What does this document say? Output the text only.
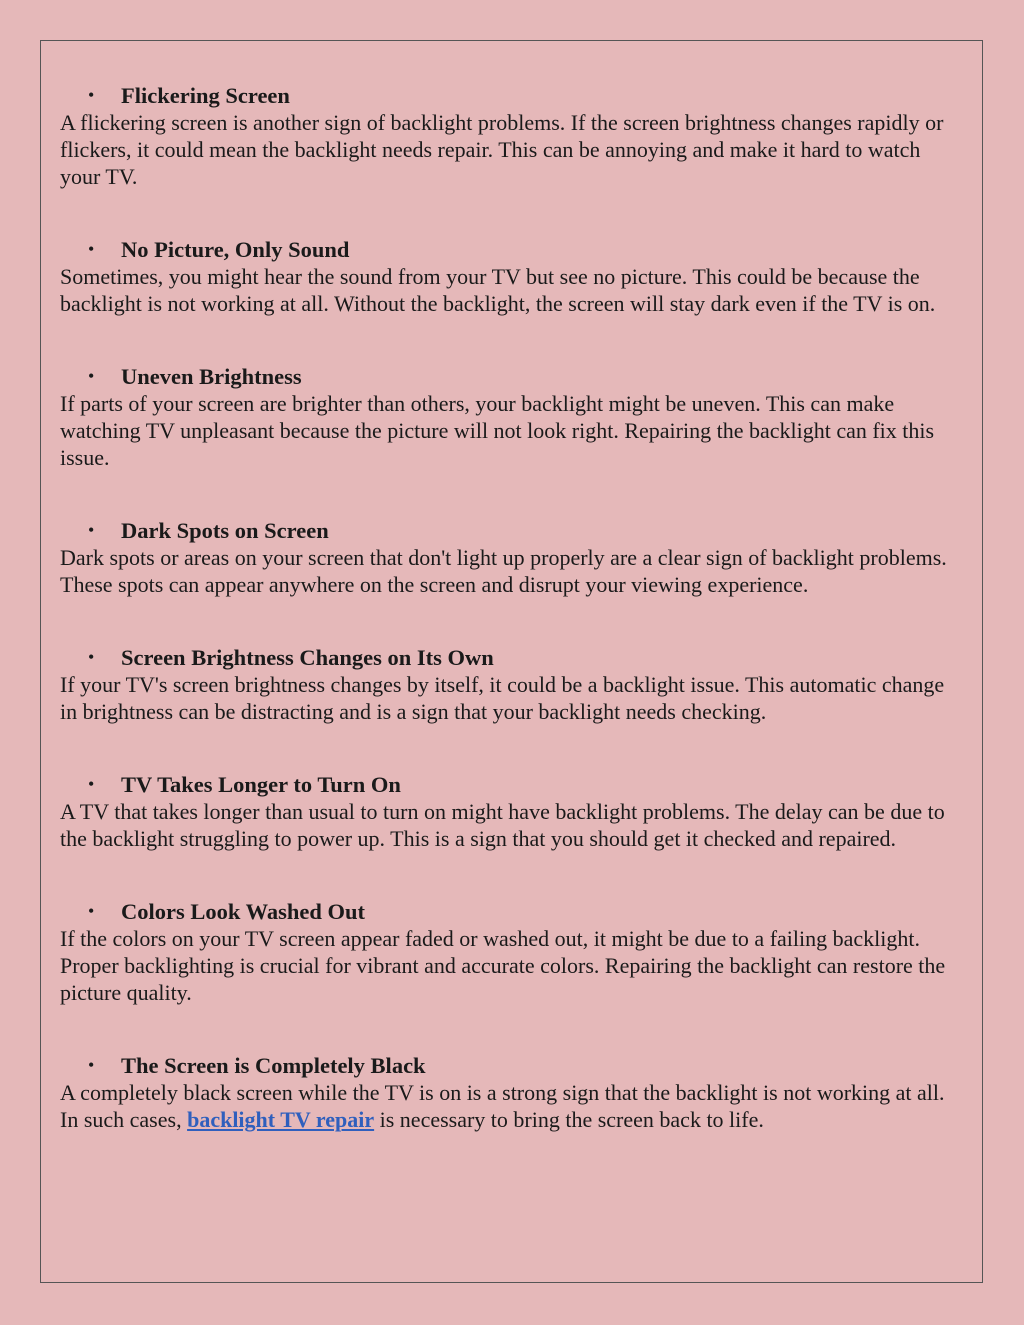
• Flickering Screen

A flickering screen is another sign of backlight problems. If the screen brightness changes rapidly or flickers, it could mean the backlight needs repair. This can be annoying and make it hard to watch your TV.

• No Picture, Only Sound

Sometimes, you might hear the sound from your TV but see no picture. This could be because the backlight is not working at all. Without the backlight, the screen will stay dark even if the TV is on.

• Uneven Brightness

If parts of your screen are brighter than others, your backlight might be uneven. This can make watching TV unpleasant because the picture will not look right. Repairing the backlight can fix this issue.

• Dark Spots on Screen

Dark spots or areas on your screen that don't light up properly are a clear sign of backlight problems. These spots can appear anywhere on the screen and disrupt your viewing experience.

• Screen Brightness Changes on Its Own

If your TV's screen brightness changes by itself, it could be a backlight issue. This automatic change in brightness can be distracting and is a sign that your backlight needs checking.

• TV Takes Longer to Turn On

A TV that takes longer than usual to turn on might have backlight problems. The delay can be due to the backlight struggling to power up. This is a sign that you should get it checked and repaired.

• Colors Look Washed Out

If the colors on your TV screen appear faded or washed out, it might be due to a failing backlight. Proper backlighting is crucial for vibrant and accurate colors. Repairing the backlight can restore the picture quality.

• The Screen is Completely Black

A completely black screen while the TV is on is a strong sign that the backlight is not working at all. In such cases, backlight TV repair is necessary to bring the screen back to life.
